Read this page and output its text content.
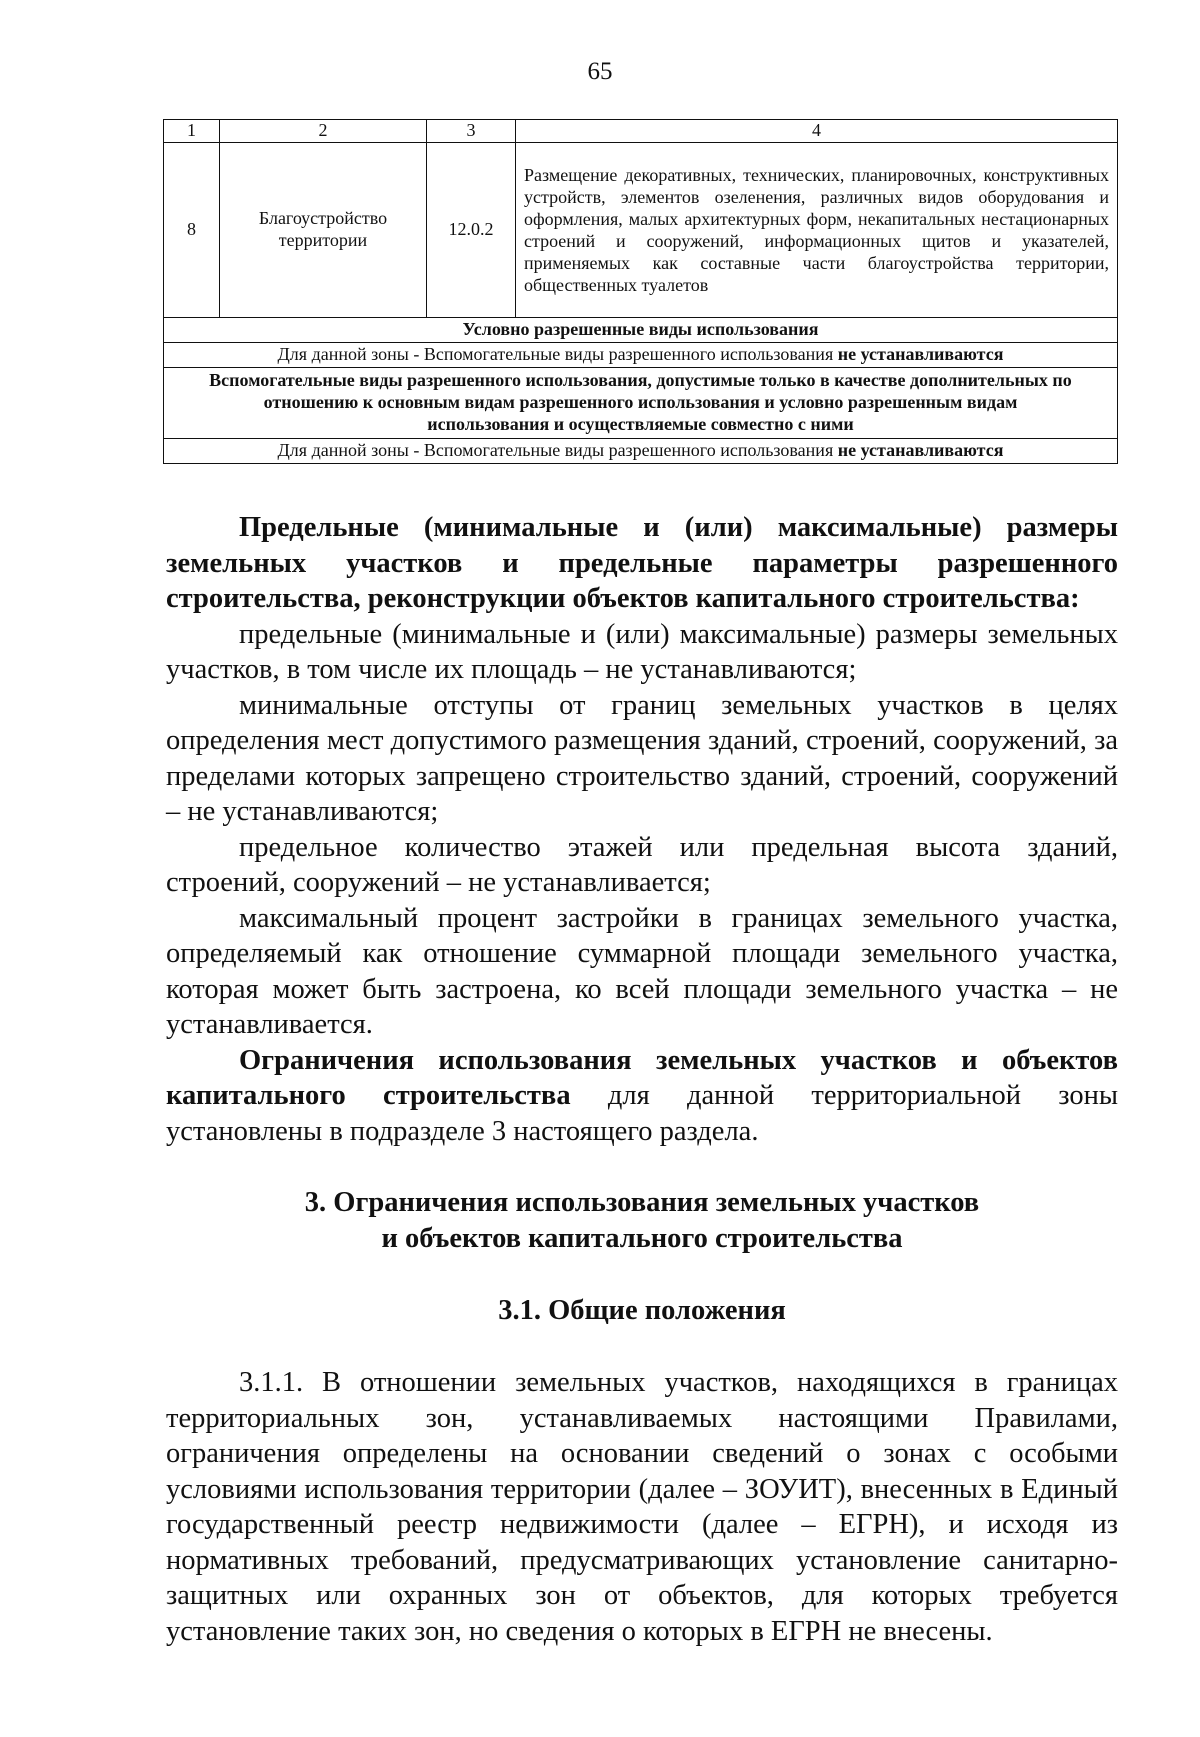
65
1	2	3	4
8	Благоустройство территории	12.0.2	Размещение декоративных, технических, планировочных, конструктивных устройств, элементов озеленения, различных видов оборудования и оформления, малых архитектурных форм, некапитальных нестационарных строений и сооружений, информационных щитов и указателей, применяемых как составные части благоустройства территории, общественных туалетов
Условно разрешенные виды использования			
Для данной зоны - Вспомогательные виды разрешенного использования не устанавливаются			
Вспомогательные виды разрешенного использования, допустимые только в качестве дополнительных по отношению к основным видам разрешенного использования и условно разрешенным видам использования и осуществляемые совместно с ними			
Для данной зоны - Вспомогательные виды разрешенного использования не устанавливаются			

Предельные (минимальные и (или) максимальные) размеры земельных участков и предельные параметры разрешенного строительства, реконструкции объектов капитального строительства:

предельные (минимальные и (или) максимальные) размеры земельных участков, в том числе их площадь – не устанавливаются;

минимальные отступы от границ земельных участков в целях определения мест допустимого размещения зданий, строений, сооружений, за пределами которых запрещено строительство зданий, строений, сооружений – не устанавливаются;

предельное количество этажей или предельная высота зданий, строений, сооружений – не устанавливается;

максимальный процент застройки в границах земельного участка, определяемый как отношение суммарной площади земельного участка, которая может быть застроена, ко всей площади земельного участка – не устанавливается.

Ограничения использования земельных участков и объектов капитального строительства для данной территориальной зоны установлены в подразделе 3 настоящего раздела.

3. Ограничения использования земельных участков
и объектов капитального строительства
3.1. Общие положения

3.1.1. В отношении земельных участков, находящихся в границах территориальных зон, устанавливаемых настоящими Правилами, ограничения определены на основании сведений о зонах с особыми условиями использования территории (далее – ЗОУИТ), внесенных в Единый государственный реестр недвижимости (далее – ЕГРН), и исходя из нормативных требований, предусматривающих установление санитарно-защитных или охранных зон от объектов, для которых требуется установление таких зон, но сведения о которых в ЕГРН не внесены.
